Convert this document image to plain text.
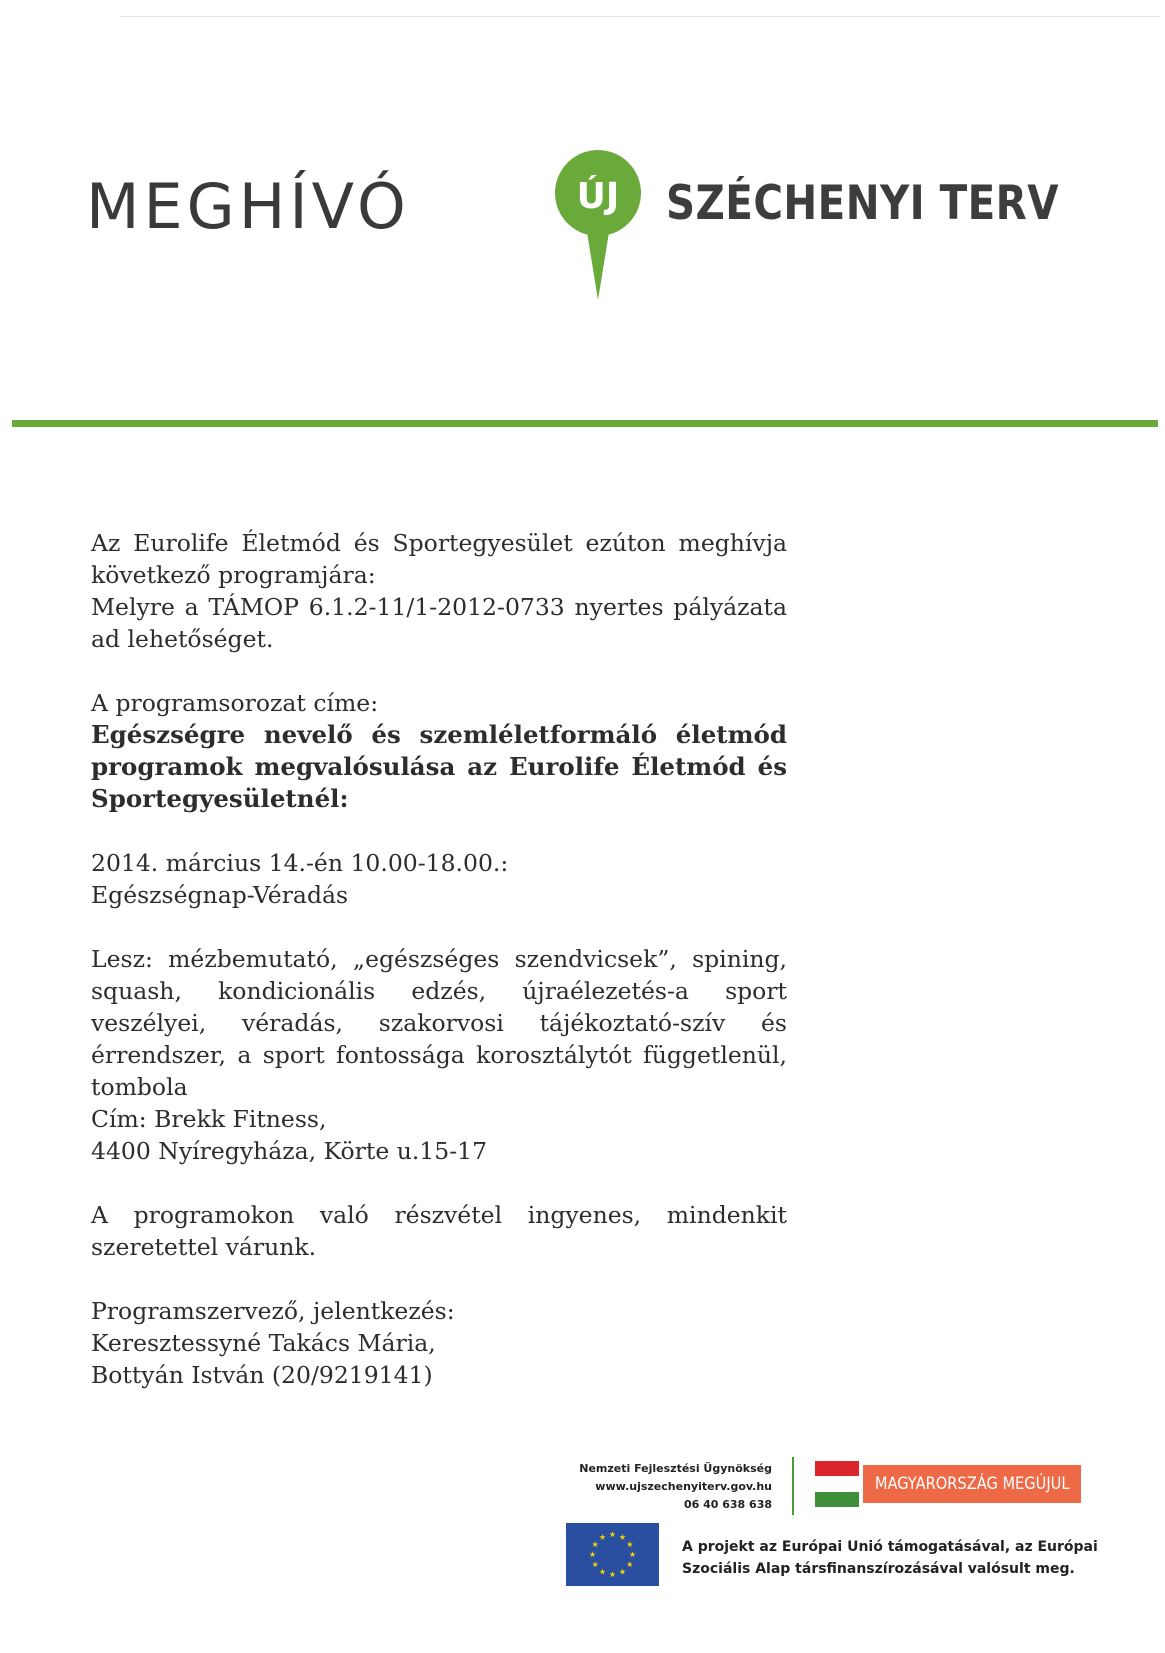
MEGHÍVÓ	ÚJ SZÉCHENYI TERV

Az Eurolife Életmód és Sportegyesület ezúton meghívja

következő programjára:

Melyre a TÁMOP 6.1.2-11/1-2012-0733 nyertes pályázata

ad lehetőséget.

A programsorozat címe:

Egészségre nevelő és szemléletformáló életmód

programok megvalósulása az Eurolife Életmód és

Sportegyesületnél:

2014. március 14.-én 10.00-18.00.:

Egészségnap-Véradás

Lesz: mézbemutató, „egészséges szendvicsek”, spining,

squash, kondicionális edzés, újraélezetés-a sport

veszélyei, véradás, szakorvosi tájékoztató-szív és

érrendszer, a sport fontossága korosztálytót függetlenül,

tombola

Cím: Brekk Fitness,

4400 Nyíregyháza, Körte u.15-17

A programokon való részvétel ingyenes, mindenkit

szeretettel várunk.

Programszervező, jelentkezés:

Keresztessyné Takács Mária,

Bottyán István (20/9219141)

Nemzeti Fejlesztési Ügynökség
www.ujszechenyiterv.gov.hu
06 40 638 638
MAGYARORSZÁG MEGÚJUL
A projekt az Európai Unió támogatásával, az Európai
Szociális Alap társfinanszírozásával valósult meg.
